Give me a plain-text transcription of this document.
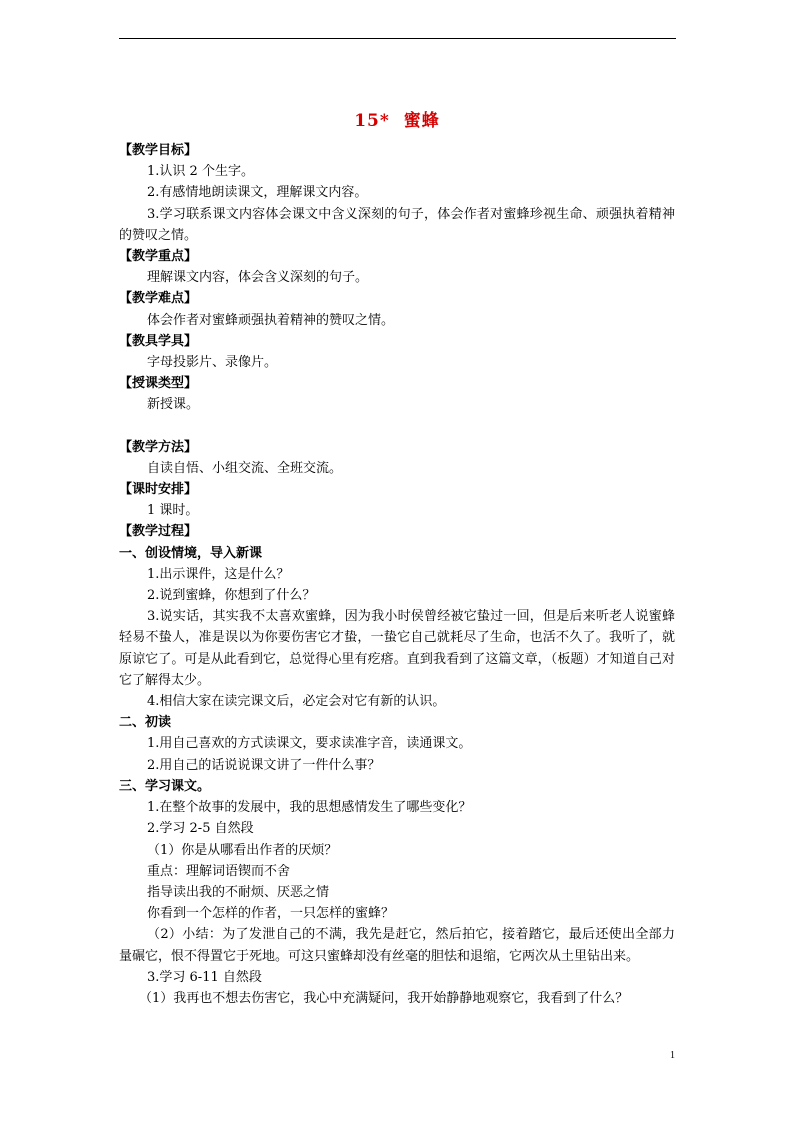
15* 蜜蜂

【教学目标】

1.认识 2 个生字。

2.有感情地朗读课文，理解课文内容。

3.学习联系课文内容体会课文中含义深刻的句子，体会作者对蜜蜂珍视生命、顽强执着精神的赞叹之情。

【教学重点】

理解课文内容，体会含义深刻的句子。

【教学难点】

体会作者对蜜蜂顽强执着精神的赞叹之情。

【教具学具】

字母投影片、录像片。

【授课类型】

新授课。

【教学方法】

自读自悟、小组交流、全班交流。

【课时安排】

1 课时。

【教学过程】

一、创设情境，导入新课

1.出示课件，这是什么？

2.说到蜜蜂，你想到了什么？

3.说实话，其实我不太喜欢蜜蜂，因为我小时侯曾经被它蛰过一回，但是后来听老人说蜜蜂轻易不蛰人，准是误以为你要伤害它才蛰，一蛰它自己就耗尽了生命，也活不久了。我听了，就原谅它了。可是从此看到它，总觉得心里有疙瘩。直到我看到了这篇文章，（板题）才知道自己对它了解得太少。

4.相信大家在读完课文后，必定会对它有新的认识。

二、初读

1.用自己喜欢的方式读课文，要求读准字音，读通课文。

2.用自己的话说说课文讲了一件什么事？

三、学习课文。

1.在整个故事的发展中，我的思想感情发生了哪些变化？

2.学习 2-5 自然段

（1）你是从哪看出作者的厌烦？

重点：理解词语锲而不舍

指导读出我的不耐烦、厌恶之情

你看到一个怎样的作者，一只怎样的蜜蜂？

（2）小结：为了发泄自己的不满，我先是赶它，然后拍它，接着踏它，最后还使出全部力量碾它，恨不得置它于死地。可这只蜜蜂却没有丝毫的胆怯和退缩，它两次从土里钻出来。

3.学习 6-11 自然段

（1）我再也不想去伤害它，我心中充满疑问，我开始静静地观察它，我看到了什么？

1
